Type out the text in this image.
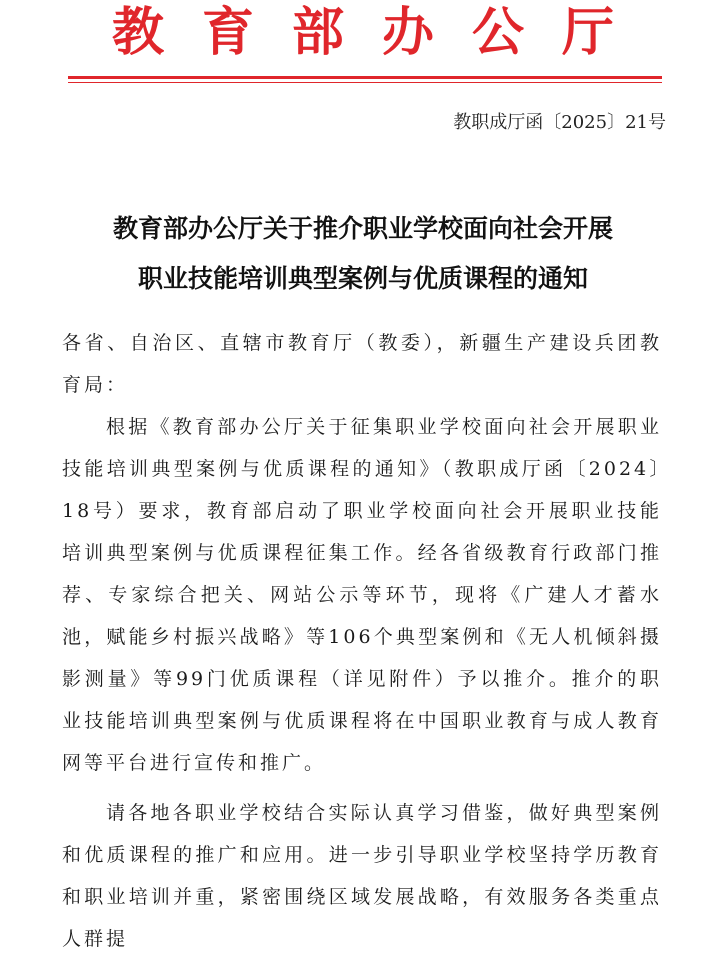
教育部办公厅
教职成厅函〔2025〕21号
教育部办公厅关于推介职业学校面向社会开展
职业技能培训典型案例与优质课程的通知

各省、自治区、直辖市教育厅（教委），新疆生产建设兵团教育局：

根据《教育部办公厅关于征集职业学校面向社会开展职业技能培训典型案例与优质课程的通知》（教职成厅函〔2024〕18号）要求，教育部启动了职业学校面向社会开展职业技能培训典型案例与优质课程征集工作。经各省级教育行政部门推荐、专家综合把关、网站公示等环节，现将《广建人才蓄水池，赋能乡村振兴战略》等106个典型案例和《无人机倾斜摄影测量》等99门优质课程（详见附件）予以推介。推介的职业技能培训典型案例与优质课程将在中国职业教育与成人教育网等平台进行宣传和推广。

请各地各职业学校结合实际认真学习借鉴，做好典型案例和优质课程的推广和应用。进一步引导职业学校坚持学历教育和职业培训并重，紧密围绕区域发展战略，有效服务各类重点人群提
